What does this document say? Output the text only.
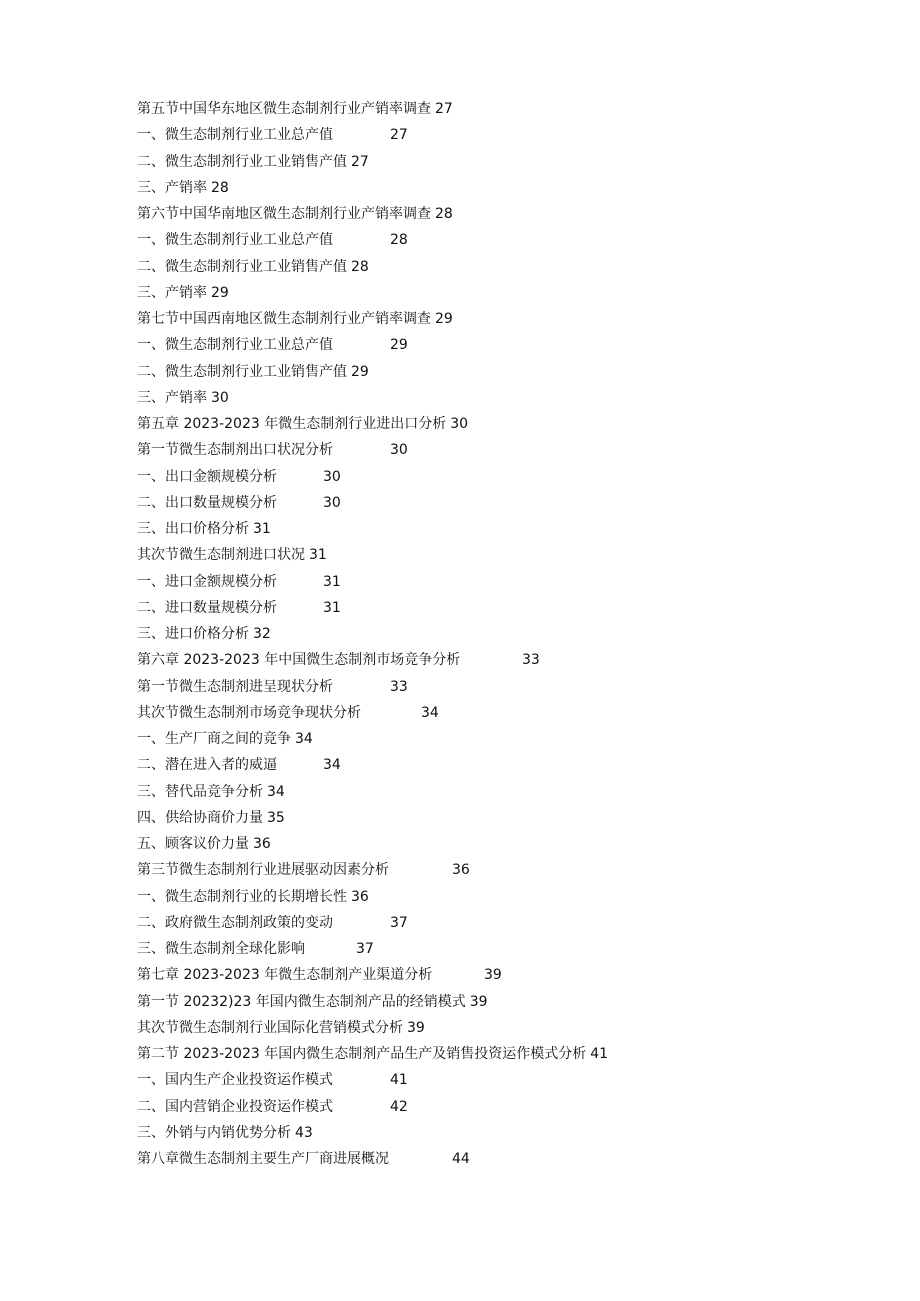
第五节中国华东地区微生态制剂行业产销率调查 27
一、微生态制剂行业工业总产值	27
二、微生态制剂行业工业销售产值 27
三、产销率 28
第六节中国华南地区微生态制剂行业产销率调查 28
一、微生态制剂行业工业总产值	28
二、微生态制剂行业工业销售产值 28
三、产销率 29
第七节中国西南地区微生态制剂行业产销率调查 29
一、微生态制剂行业工业总产值	29
二、微生态制剂行业工业销售产值 29
三、产销率 30
第五章 2023-2023 年微生态制剂行业进出口分析 30
第一节微生态制剂出口状况分析	30
一、出口金额规模分析	30
二、出口数量规模分析	30
三、出口价格分析 31
其次节微生态制剂进口状况 31
一、进口金额规模分析	31
二、进口数量规模分析	31
三、进口价格分析 32
第六章 2023-2023 年中国微生态制剂市场竞争分析	33
第一节微生态制剂进呈现状分析	33
其次节微生态制剂市场竞争现状分析	34
一、生产厂商之间的竞争 34
二、潜在进入者的威逼	34
三、替代品竞争分析 34
四、供给协商价力量 35
五、顾客议价力量 36
第三节微生态制剂行业进展驱动因素分析	36
一、微生态制剂行业的长期增长性 36
二、政府微生态制剂政策的变动	37
三、微生态制剂全球化影响	37
第七章 2023-2023 年微生态制剂产业渠道分析	39
第一节 20232)23 年国内微生态制剂产品的经销模式 39
其次节微生态制剂行业国际化营销模式分析 39
第二节 2023-2023 年国内微生态制剂产品生产及销售投资运作模式分析 41
一、国内生产企业投资运作模式	41
二、国内营销企业投资运作模式	42
三、外销与内销优势分析 43
第八章微生态制剂主要生产厂商进展概况	44
